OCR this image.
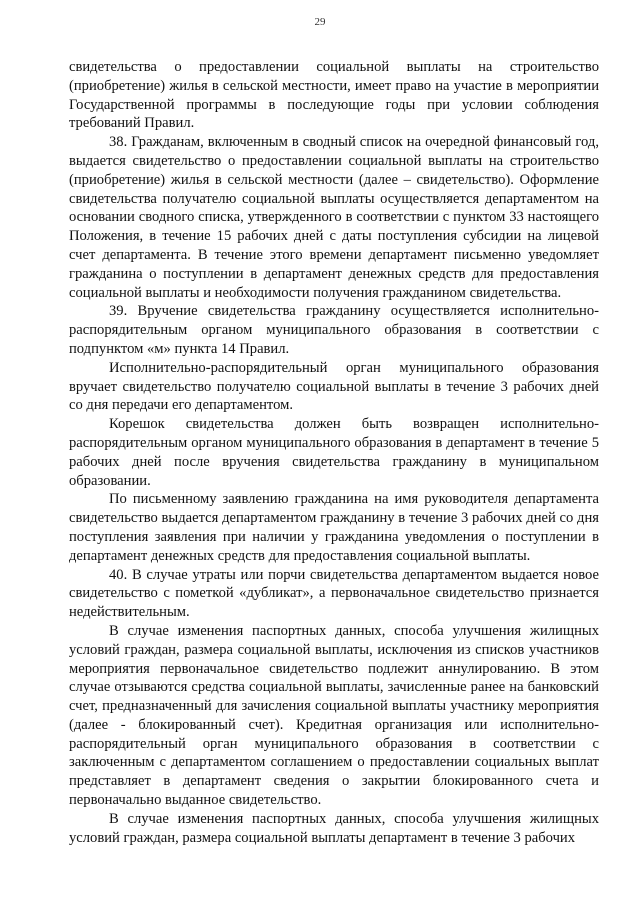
29

свидетельства о предоставлении социальной выплаты на строительство (приобретение) жилья в сельской местности, имеет право на участие в мероприятии Государственной программы в последующие годы при условии соблюдения требований Правил.

38. Гражданам, включенным в сводный список на очередной финансовый год, выдается свидетельство о предоставлении социальной выплаты на строительство (приобретение) жилья в сельской местности (далее – свидетельство). Оформление свидетельства получателю социальной выплаты осуществляется департаментом на основании сводного списка, утвержденного в соответствии с пунктом 33 настоящего Положения, в течение 15 рабочих дней с даты поступления субсидии на лицевой счет департамента. В течение этого времени департамент письменно уведомляет гражданина о поступлении в департамент денежных средств для предоставления социальной выплаты и необходимости получения гражданином свидетельства.

39. Вручение свидетельства гражданину осуществляется исполнительно-распорядительным органом муниципального образования в соответствии с подпунктом «м» пункта 14 Правил.

Исполнительно-распорядительный орган муниципального образования вручает свидетельство получателю социальной выплаты в течение 3 рабочих дней со дня передачи его департаментом.

Корешок свидетельства должен быть возвращен исполнительно-распорядительным органом муниципального образования в департамент в течение 5 рабочих дней после вручения свидетельства гражданину в муниципальном образовании.

По письменному заявлению гражданина на имя руководителя департамента свидетельство выдается департаментом гражданину в течение 3 рабочих дней со дня поступления заявления при наличии у гражданина уведомления о поступлении в департамент денежных средств для предоставления социальной выплаты.

40. В случае утраты или порчи свидетельства департаментом выдается новое свидетельство с пометкой «дубликат», а первоначальное свидетельство признается недействительным.

В случае изменения паспортных данных, способа улучшения жилищных условий граждан, размера социальной выплаты, исключения из списков участников мероприятия первоначальное свидетельство подлежит аннулированию. В этом случае отзываются средства социальной выплаты, зачисленные ранее на банковский счет, предназначенный для зачисления социальной выплаты участнику мероприятия (далее - блокированный счет). Кредитная организация или исполнительно-распорядительный орган муниципального образования в соответствии с заключенным с департаментом соглашением о предоставлении социальных выплат представляет в департамент сведения о закрытии блокированного счета и первоначально выданное свидетельство.

В случае изменения паспортных данных, способа улучшения жилищных условий граждан, размера социальной выплаты департамент в течение 3 рабочих
